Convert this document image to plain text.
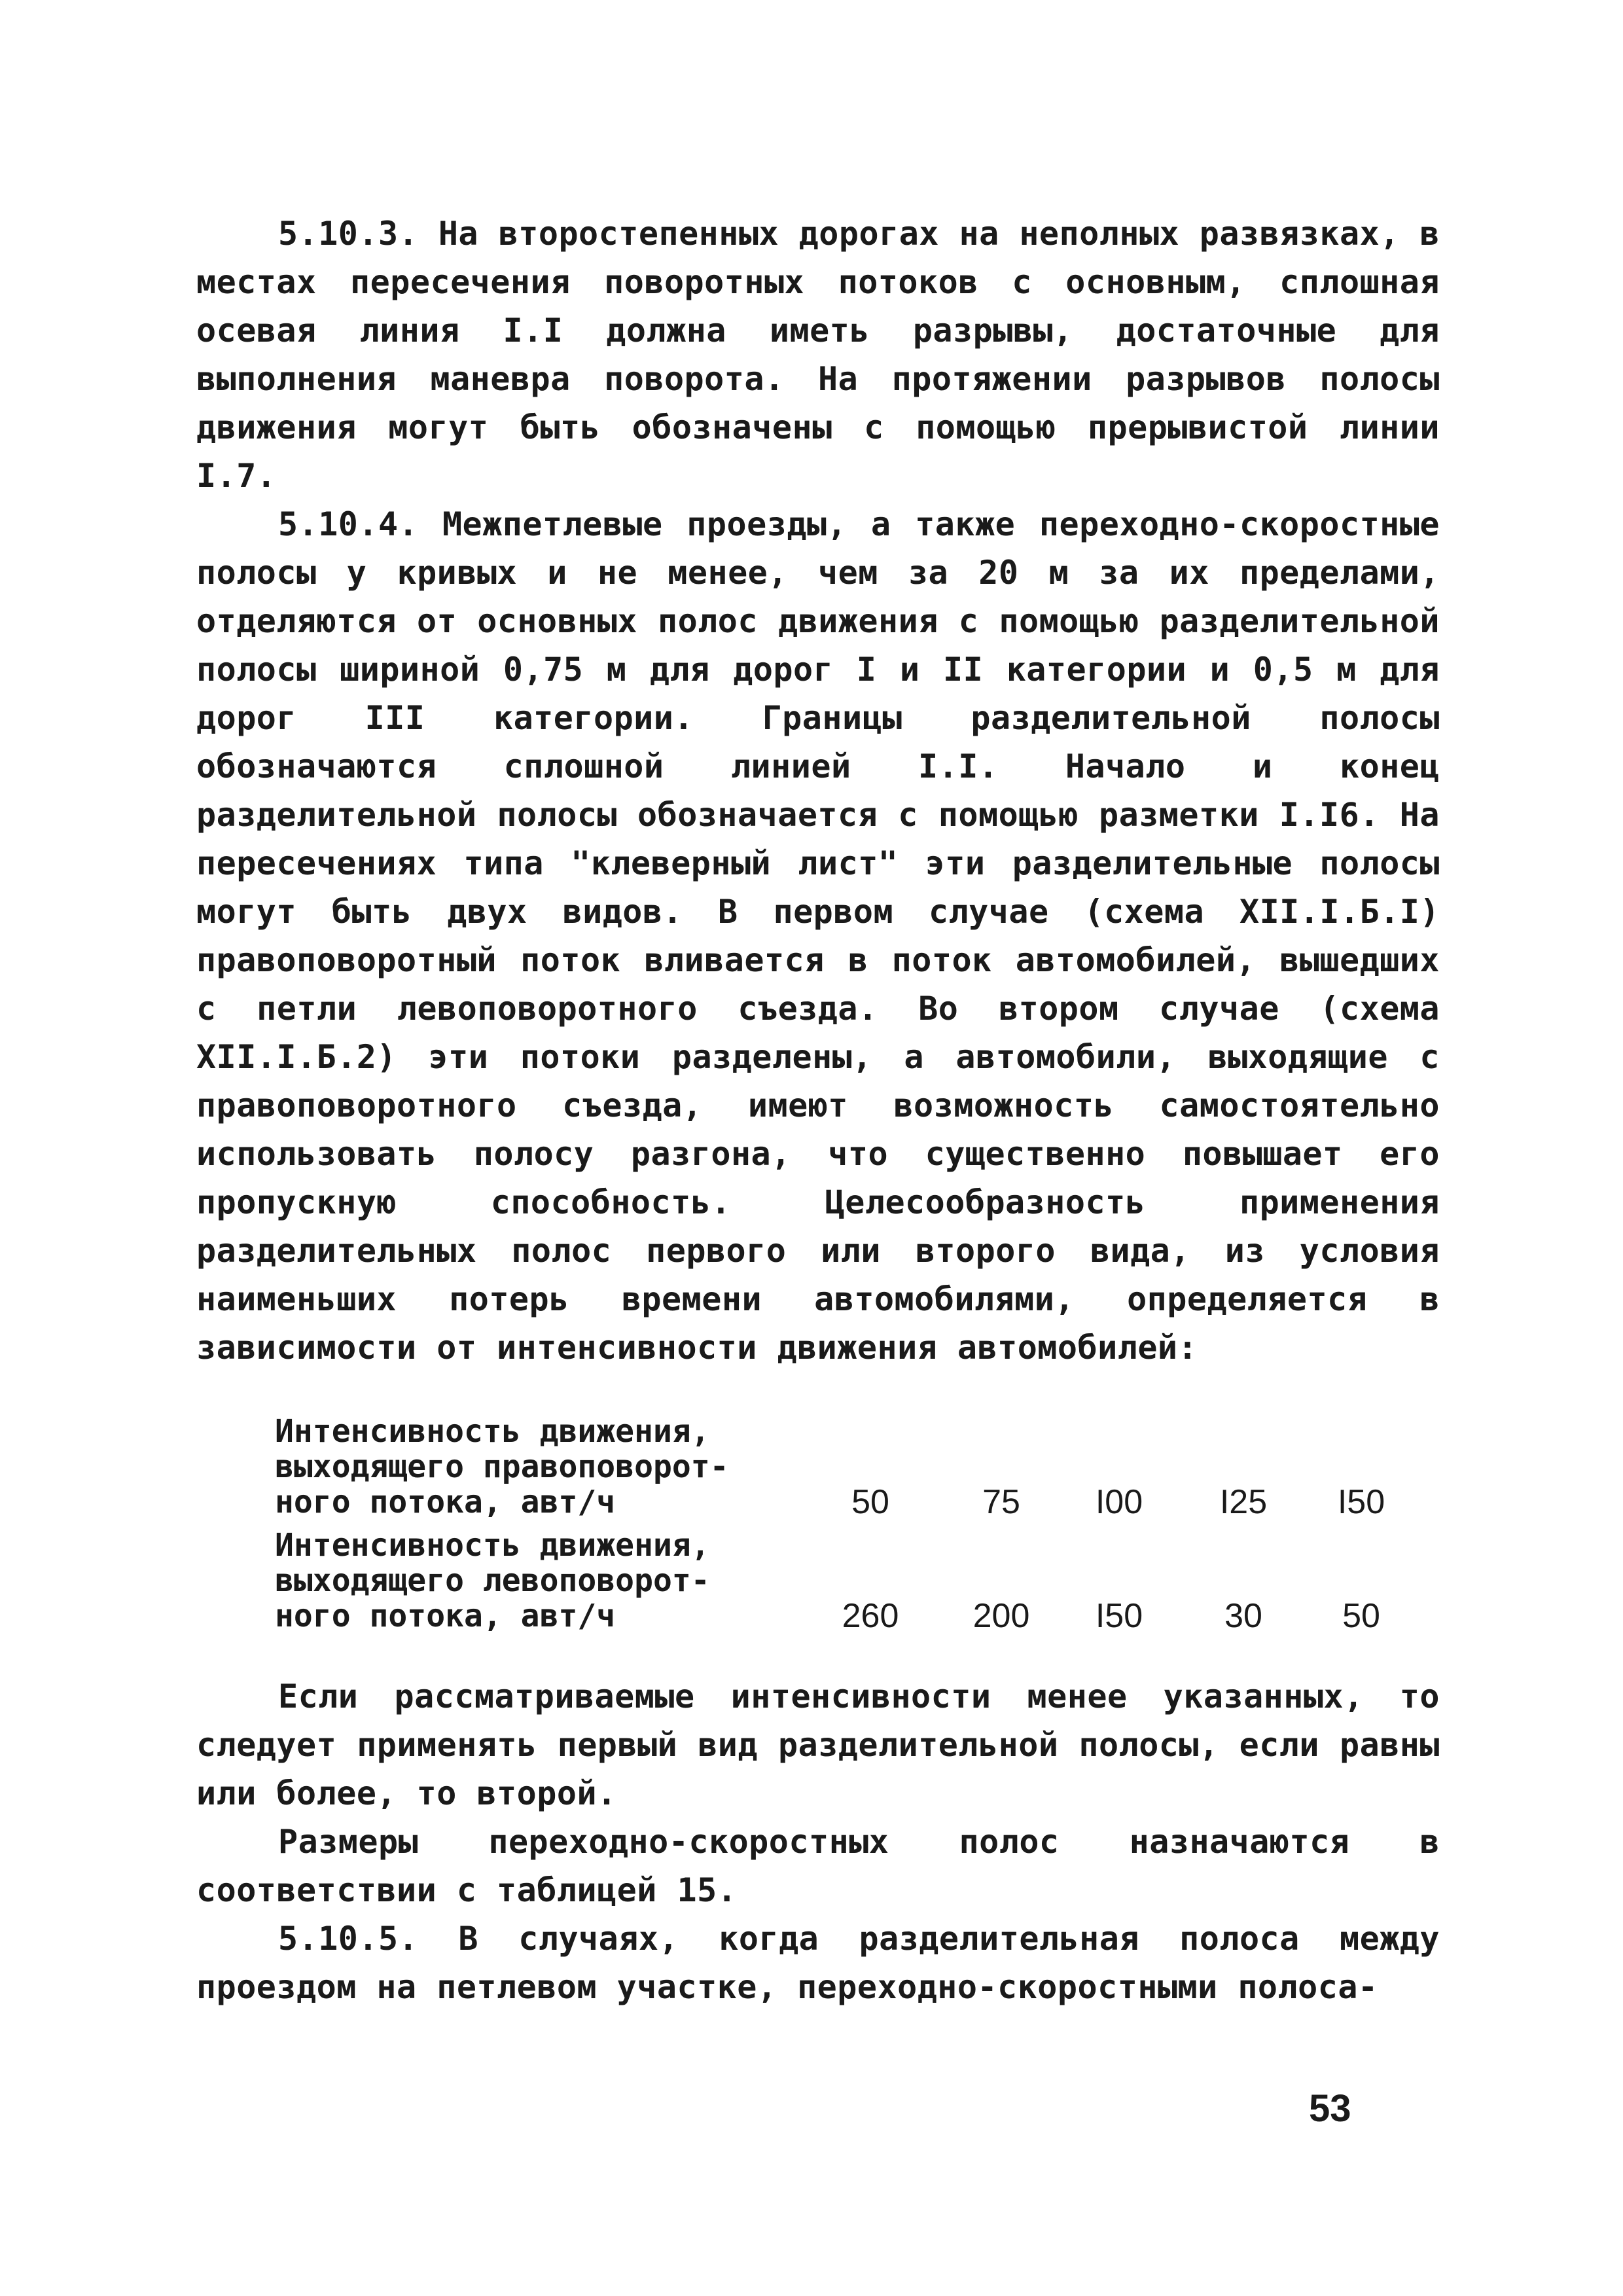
5.10.3. На второстепенных дорогах на неполных развязках, в местах пересечения поворотных потоков с основным, сплошная осевая линия I.I должна иметь разрывы, достаточные для выполнения маневра поворота. На протяжении разрывов полосы движения могут быть обозначены с помощью прерывистой линии I.7.

5.10.4. Межпетлевые проезды, а также переходно-скоростные полосы у кривых и не менее, чем за 20 м за их пределами, отделяются от основных полос движения с помощью разделительной полосы шириной 0,75 м для дорог I и II категории и 0,5 м для дорог III категории. Границы разделительной полосы обозначаются сплошной линией I.I. Начало и конец разделительной полосы обозначается с помощью разметки I.I6. На пересечениях типа "клеверный лист" эти разделительные полосы могут быть двух видов. В первом случае (схема XII.I.Б.I) правоповоротный поток вливается в поток автомобилей, вышедших с петли левоповоротного съезда. Во втором случае (схема XII.I.Б.2) эти потоки разделены, а автомобили, выходящие с правоповоротного съезда, имеют возможность самостоятельно использовать полосу разгона, что существенно повышает его пропускную способность. Целесообразность применения разделительных полос первого или второго вида, из условия наименьших потерь времени автомобилями, определяется в зависимости от интенсивности движения автомобилей:

Интенсивность движения,
выходящего правоповорот-
ного потока, авт/ч	50	75	I00	I25	I50
Интенсивность движения,
выходящего левоповорот-
ного потока, авт/ч	260	200	I50	30	50

Если рассматриваемые интенсивности менее указанных, то следует применять первый вид разделительной полосы, если равны или более, то второй.

Размеры переходно-скоростных полос назначаются в соответствии с таблицей 15.

5.10.5. В случаях, когда разделительная полоса между проездом на петлевом участке, переходно-скоростными полоса-

53
